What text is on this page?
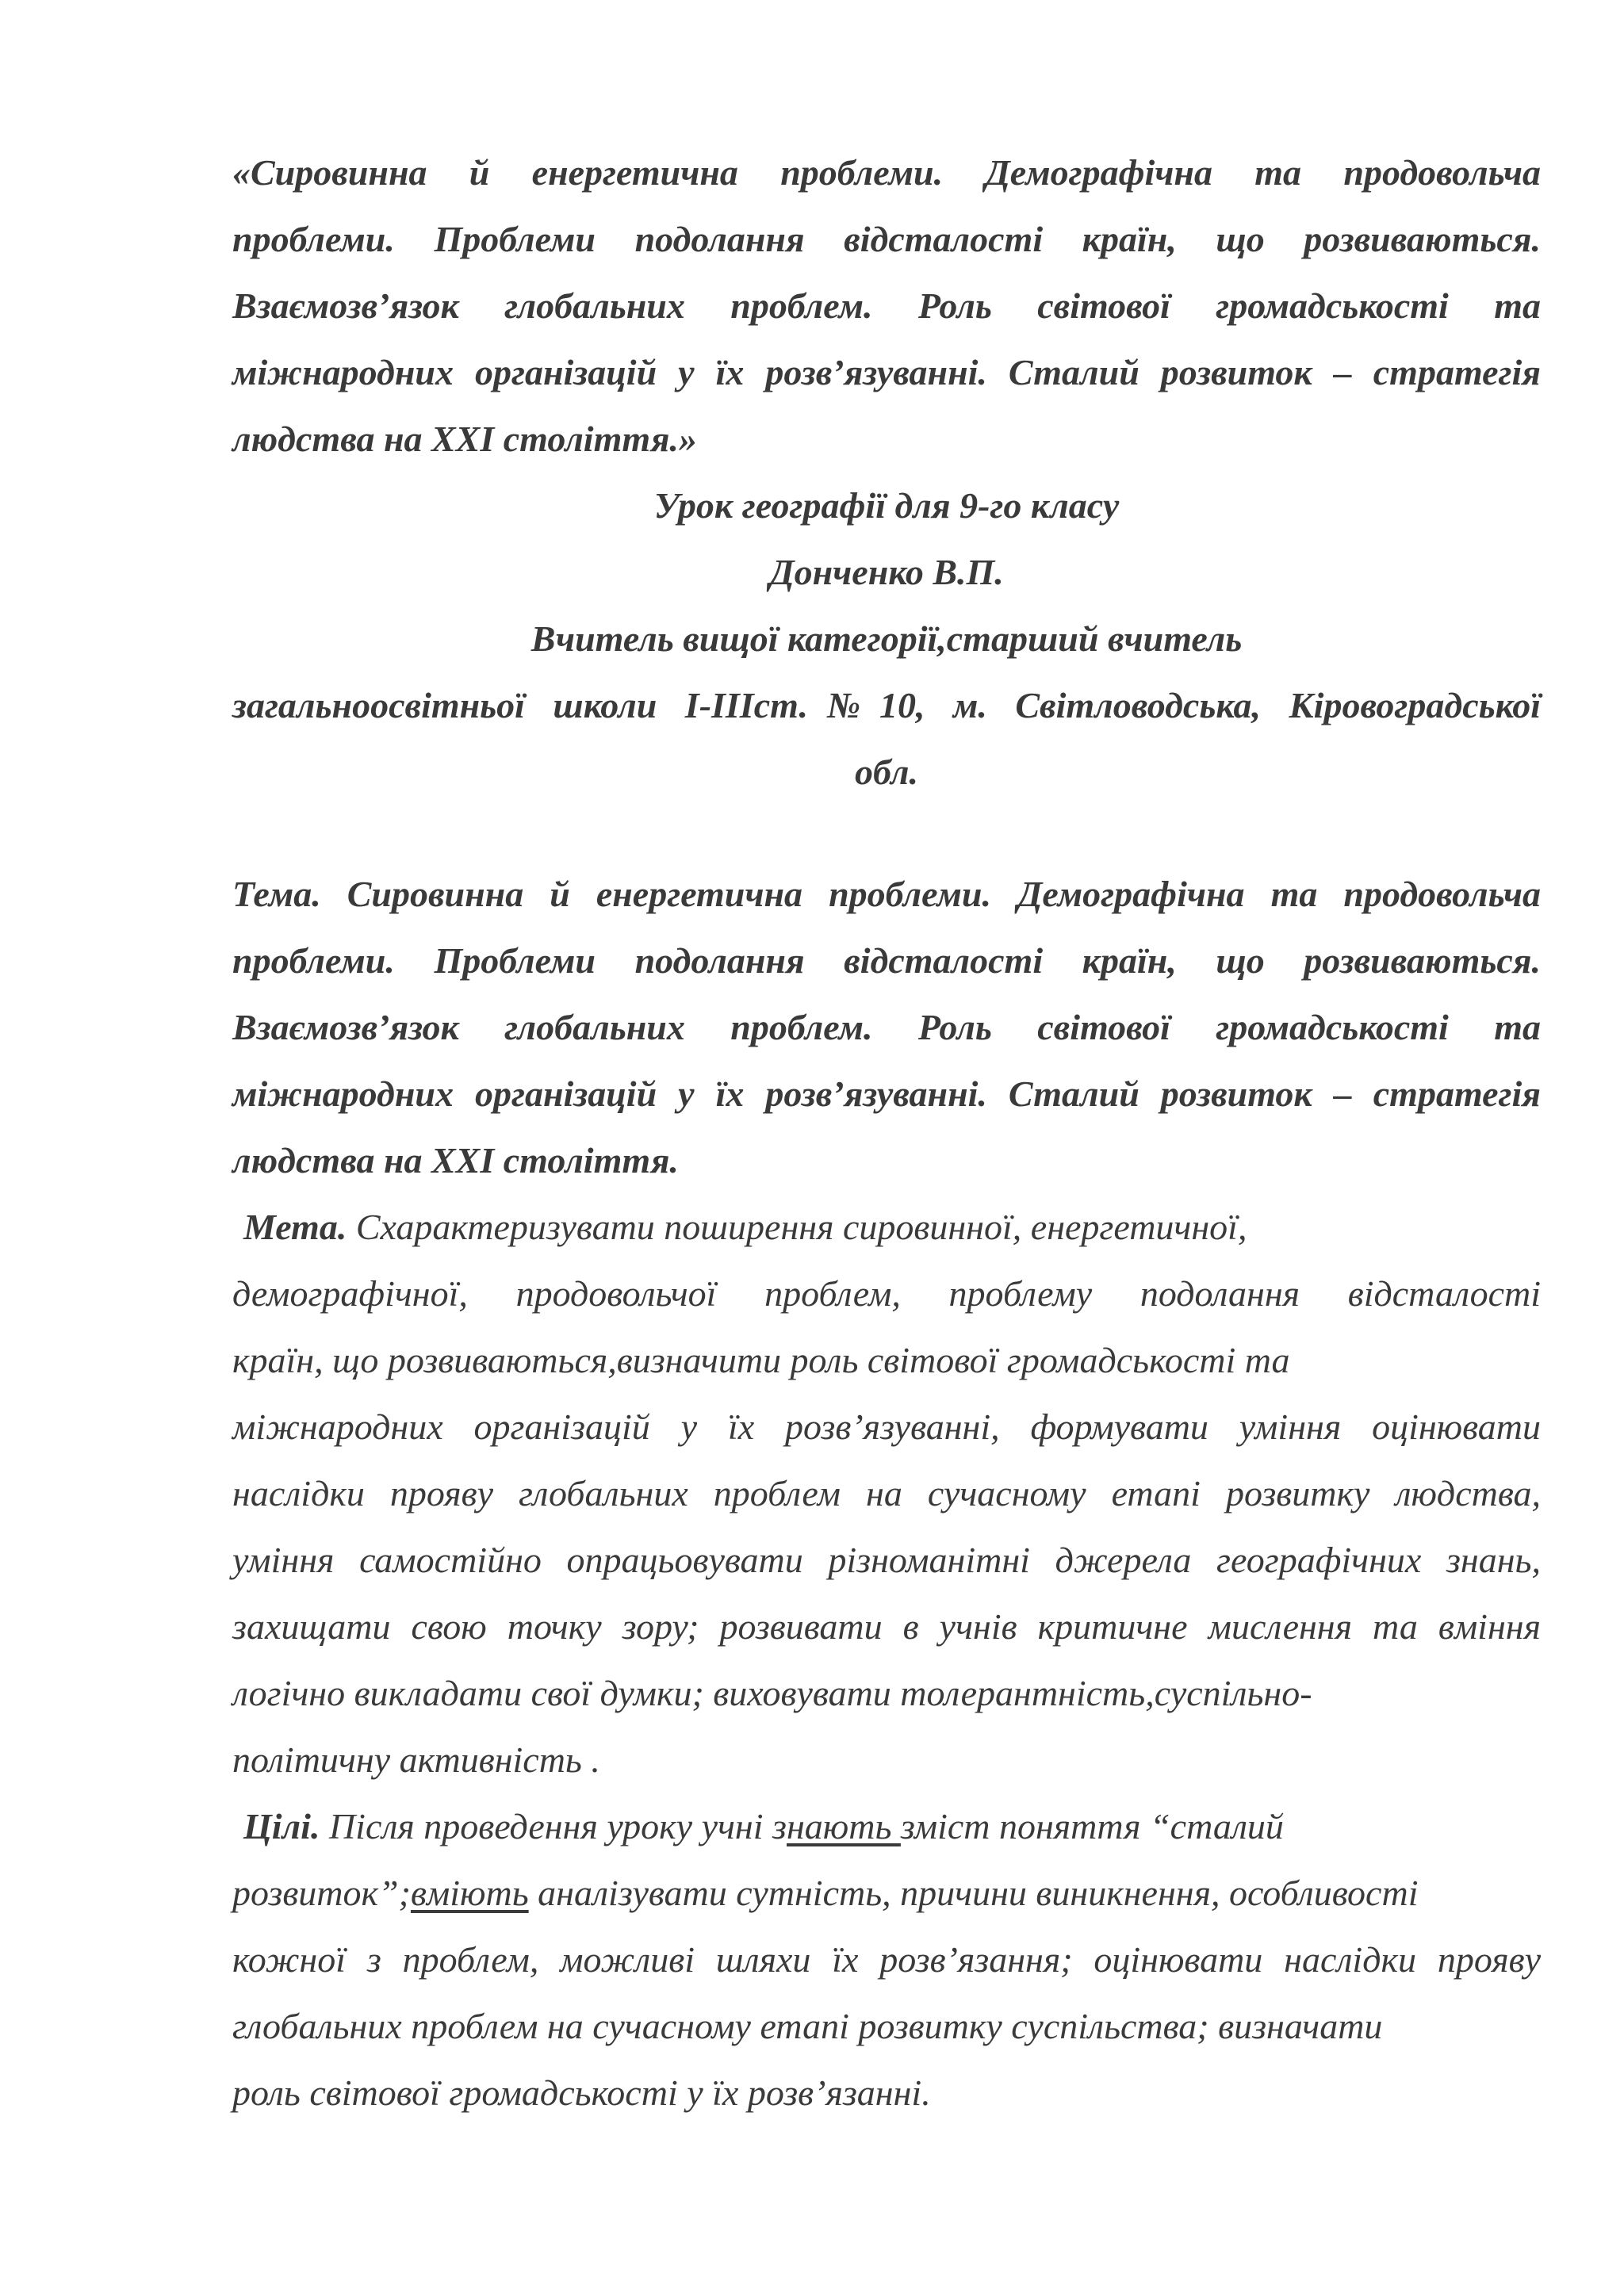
«Сировинна й енергетична проблеми. Демографічна та продовольча
проблеми. Проблеми подолання відсталості країн, що розвиваються.
Взаємозв’язок глобальних проблем. Роль світової громадськості та
міжнародних організацій у їх розв’язуванні. Сталий розвиток – стратегія
людства на ХХІ століття.»
Урок географії для 9-го класу
Донченко В.П.
Вчитель вищої категорії,старший вчитель
загальноосвітньої школи І-ІІІст.№10, м. Світловодська, Кіровоградської
обл.
Тема. Сировинна й енергетична проблеми. Демографічна та продовольча
проблеми. Проблеми подолання відсталості країн, що розвиваються.
Взаємозв’язок глобальних проблем. Роль світової громадськості та
міжнародних організацій у їх розв’язуванні. Сталий розвиток – стратегія
людства на ХХІ століття.
Мета. Схарактеризувати поширення сировинної, енергетичної,
демографічної, продовольчої проблем, проблему подолання відсталості
країн, що розвиваються,визначити роль світової громадськості та
міжнародних організацій у їх розв’язуванні, формувати уміння оцінювати
наслідки прояву глобальних проблем на сучасному етапі розвитку людства,
уміння самостійно опрацьовувати різноманітні джерела географічних знань,
захищати свою точку зору; розвивати в учнів критичне мислення та вміння
логічно викладати свої думки; виховувати толерантність,суспільно-
політичну активність .
Цілі. Після проведення уроку учні знають зміст поняття “сталий
розвиток”;вміють аналізувати сутність, причини виникнення, особливості
кожної з проблем, можливі шляхи їх розв’язання; оцінювати наслідки прояву
глобальних проблем на сучасному етапі розвитку суспільства; визначати
роль світової громадськості у їх розв’язанні.
